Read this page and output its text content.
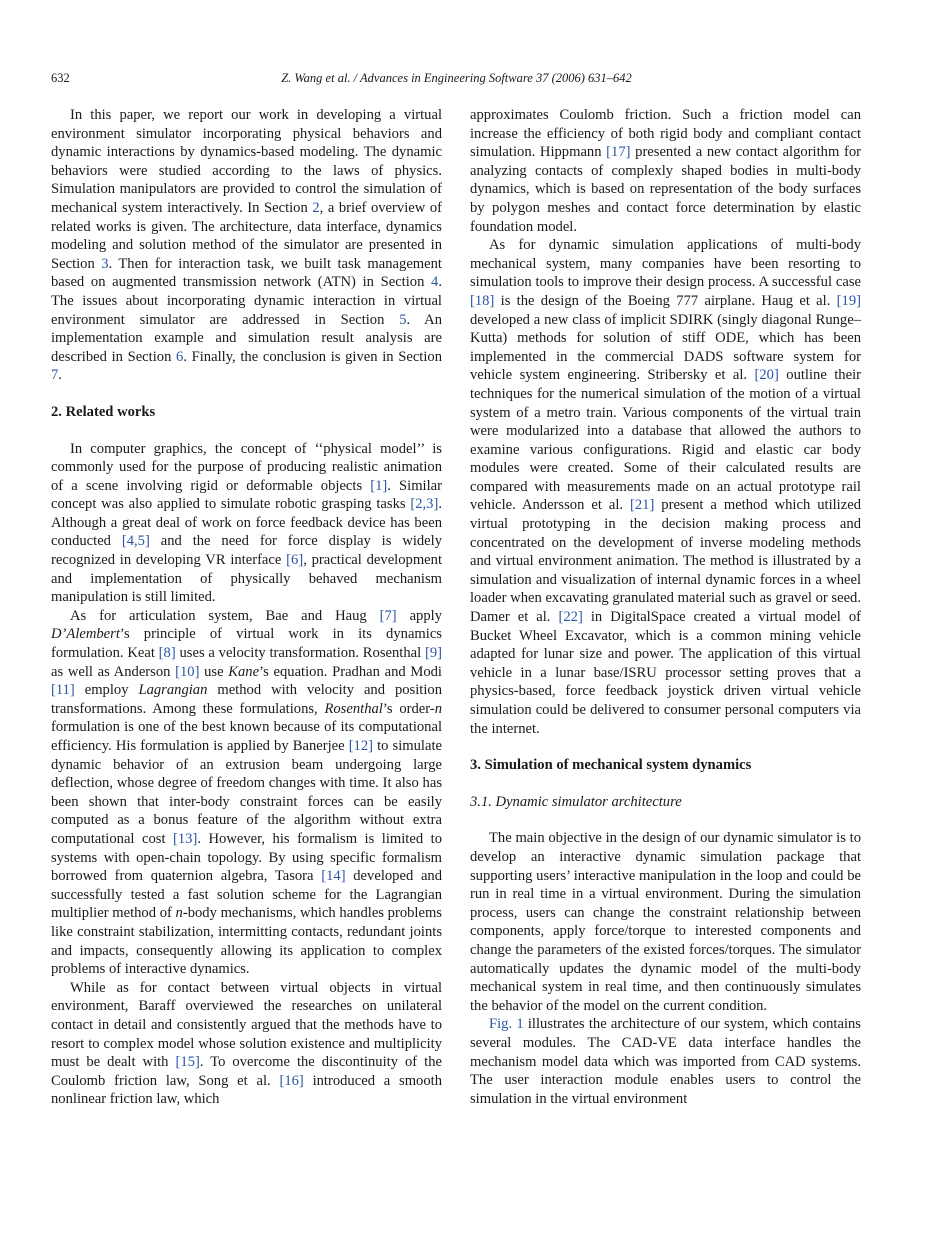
632	Z. Wang et al. / Advances in Engineering Software 37 (2006) 631–642

In this paper, we report our work in developing a virtual environment simulator incorporating physical behaviors and dynamic interactions by dynamics-based modeling. The dynamic behaviors were studied according to the laws of physics. Simulation manipulators are provided to control the simulation of mechanical system interactively. In Section 2, a brief overview of related works is given. The architecture, data interface, dynamics modeling and solution method of the simulator are presented in Section 3. Then for interaction task, we built task management based on augmented transmission network (ATN) in Section 4. The issues about incorporating dynamic interaction in virtual environment simulator are addressed in Section 5. An implementation example and simulation result analysis are described in Section 6. Finally, the conclusion is given in Section 7.

2. Related works

In computer graphics, the concept of ‘‘physical model’’ is commonly used for the purpose of producing realistic animation of a scene involving rigid or deformable objects [1]. Similar concept was also applied to simulate robotic grasping tasks [2,3]. Although a great deal of work on force feedback device has been conducted [4,5] and the need for force display is widely recognized in developing VR interface [6], practical development and implementation of physically behaved mechanism manipulation is still limited.

As for articulation system, Bae and Haug [7] apply D’Alembert’s principle of virtual work in its dynamics formulation. Keat [8] uses a velocity transformation. Rosenthal [9] as well as Anderson [10] use Kane’s equation. Pradhan and Modi [11] employ Lagrangian method with velocity and position transformations. Among these formulations, Rosenthal’s order-n formulation is one of the best known because of its computational efficiency. His formulation is applied by Banerjee [12] to simulate dynamic behavior of an extrusion beam undergoing large deflection, whose degree of freedom changes with time. It also has been shown that inter-body constraint forces can be easily computed as a bonus feature of the algorithm without extra computational cost [13]. However, his formalism is limited to systems with open-chain topology. By using specific formalism borrowed from quaternion algebra, Tasora [14] developed and successfully tested a fast solution scheme for the Lagrangian multiplier method of n-body mechanisms, which handles problems like constraint stabilization, intermitting contacts, redundant joints and impacts, consequently allowing its application to complex problems of interactive dynamics.

While as for contact between virtual objects in virtual environment, Baraff overviewed the researches on unilateral contact in detail and consistently argued that the methods have to resort to complex model whose solution existence and multiplicity must be dealt with [15]. To overcome the discontinuity of the Coulomb friction law, Song et al. [16] introduced a smooth nonlinear friction law, which

approximates Coulomb friction. Such a friction model can increase the efficiency of both rigid body and compliant contact simulation. Hippmann [17] presented a new contact algorithm for analyzing contacts of complexly shaped bodies in multi-body dynamics, which is based on representation of the body surfaces by polygon meshes and contact force determination by elastic foundation model.

As for dynamic simulation applications of multi-body mechanical system, many companies have been resorting to simulation tools to improve their design process. A successful case [18] is the design of the Boeing 777 airplane. Haug et al. [19] developed a new class of implicit SDIRK (singly diagonal Runge–Kutta) methods for solution of stiff ODE, which has been implemented in the commercial DADS software system for vehicle system engineering. Stribersky et al. [20] outline their techniques for the numerical simulation of the motion of a virtual system of a metro train. Various components of the virtual train were modularized into a database that allowed the authors to examine various configurations. Rigid and elastic car body modules were created. Some of their calculated results are compared with measurements made on an actual prototype rail vehicle. Andersson et al. [21] present a method which utilized virtual prototyping in the decision making process and concentrated on the development of inverse modeling methods and virtual environment animation. The method is illustrated by a simulation and visualization of internal dynamic forces in a wheel loader when excavating granulated material such as gravel or seed. Damer et al. [22] in DigitalSpace created a virtual model of Bucket Wheel Excavator, which is a common mining vehicle adapted for lunar size and power. The application of this virtual vehicle in a lunar base/ISRU processor setting proves that a physics-based, force feedback joystick driven virtual vehicle simulation could be delivered to consumer personal computers via the internet.

3. Simulation of mechanical system dynamics
3.1. Dynamic simulator architecture

The main objective in the design of our dynamic simulator is to develop an interactive dynamic simulation package that supporting users’ interactive manipulation in the loop and could be run in real time in a virtual environment. During the simulation process, users can change the constraint relationship between components, apply force/torque to interested components and change the parameters of the existed forces/torques. The simulator automatically updates the dynamic model of the multi-body mechanical system in real time, and then continuously simulates the behavior of the model on the current condition.

Fig. 1 illustrates the architecture of our system, which contains several modules. The CAD-VE data interface handles the mechanism model data which was imported from CAD systems. The user interaction module enables users to control the simulation in the virtual environment
